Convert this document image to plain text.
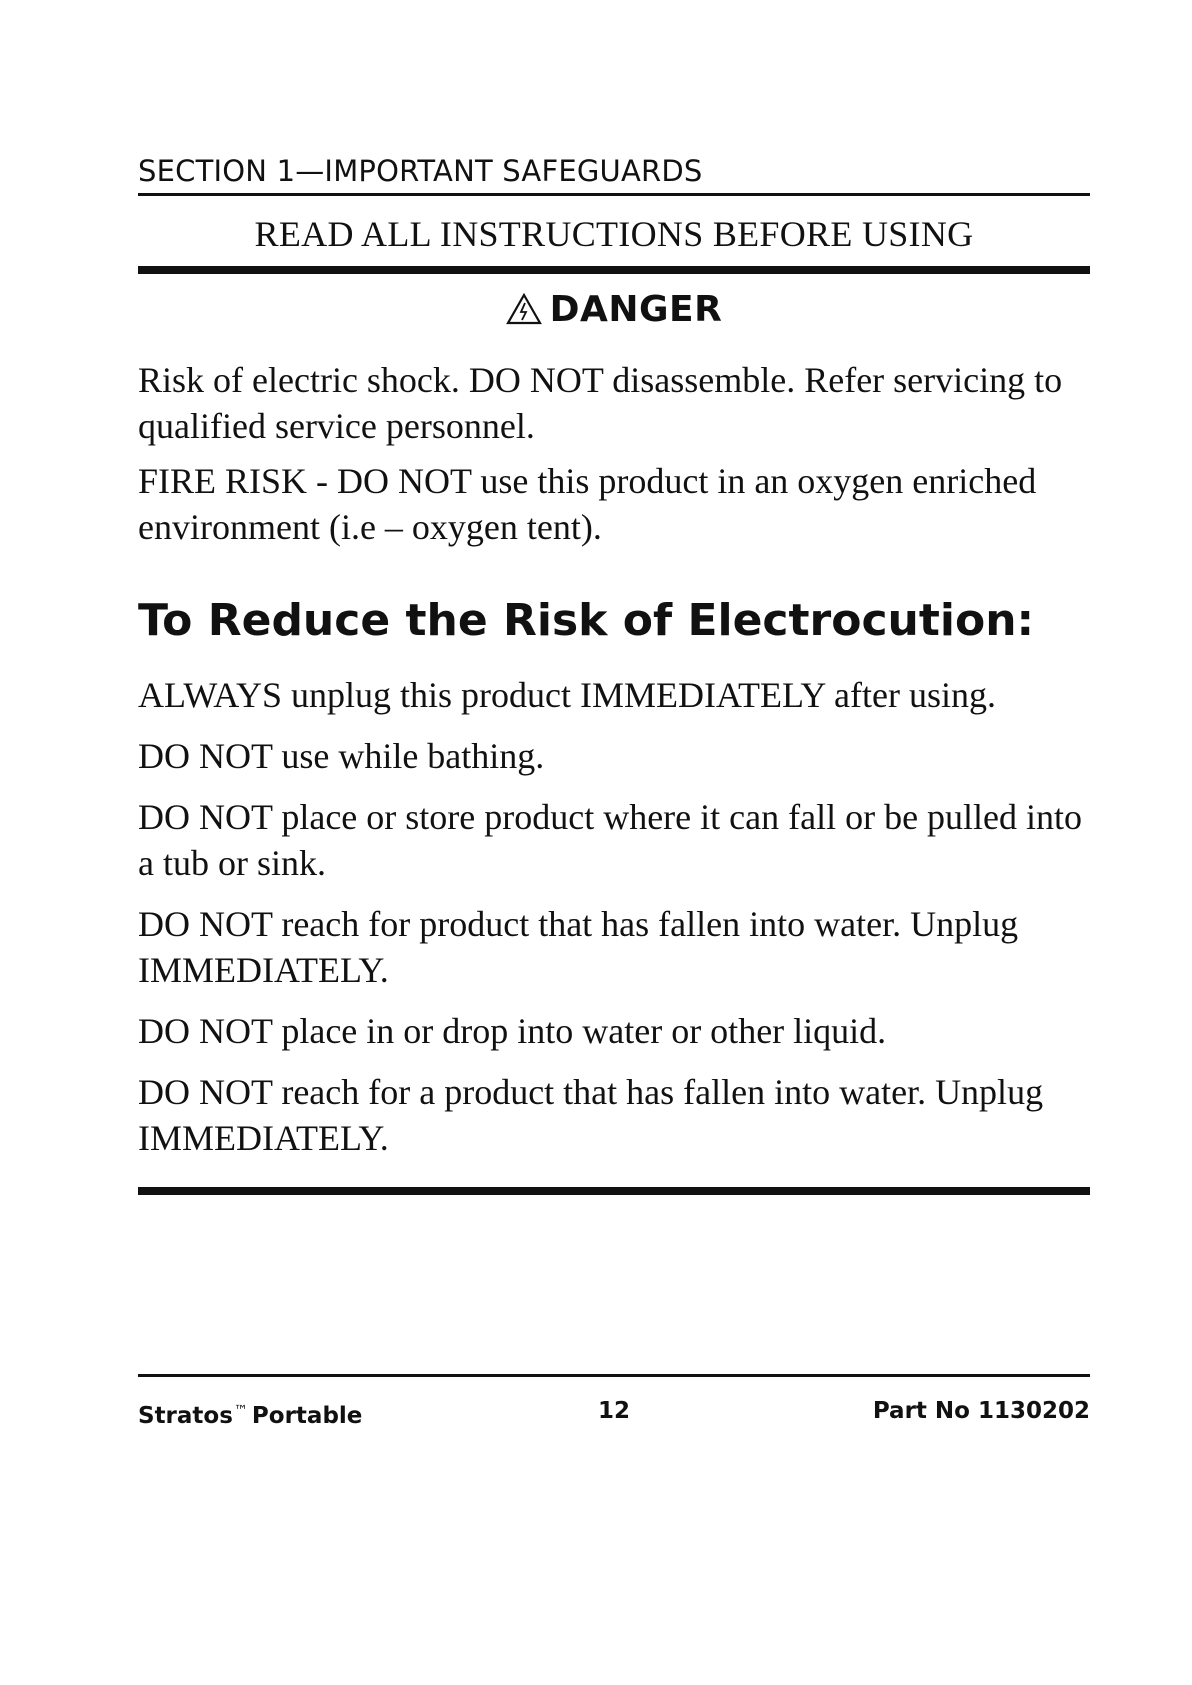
SECTION 1—IMPORTANT SAFEGUARDS
READ ALL INSTRUCTIONS BEFORE USING
DANGER

Risk of electric shock. DO NOT disassemble. Refer servicing to qualified service personnel.

FIRE RISK - DO NOT use this product in an oxygen enriched environment (i.e – oxygen tent).

To Reduce the Risk of Electrocution:
ALWAYS unplug this product IMMEDIATELY after using.
DO NOT use while bathing.
DO NOT place or store product where it can fall or be pulled into a tub or sink.
DO NOT reach for product that has fallen into water. Unplug IMMEDIATELY.
DO NOT place in or drop into water or other liquid.
DO NOT reach for a product that has fallen into water. Unplug IMMEDIATELY.
Stratos™ Portable	12	Part No 1130202
